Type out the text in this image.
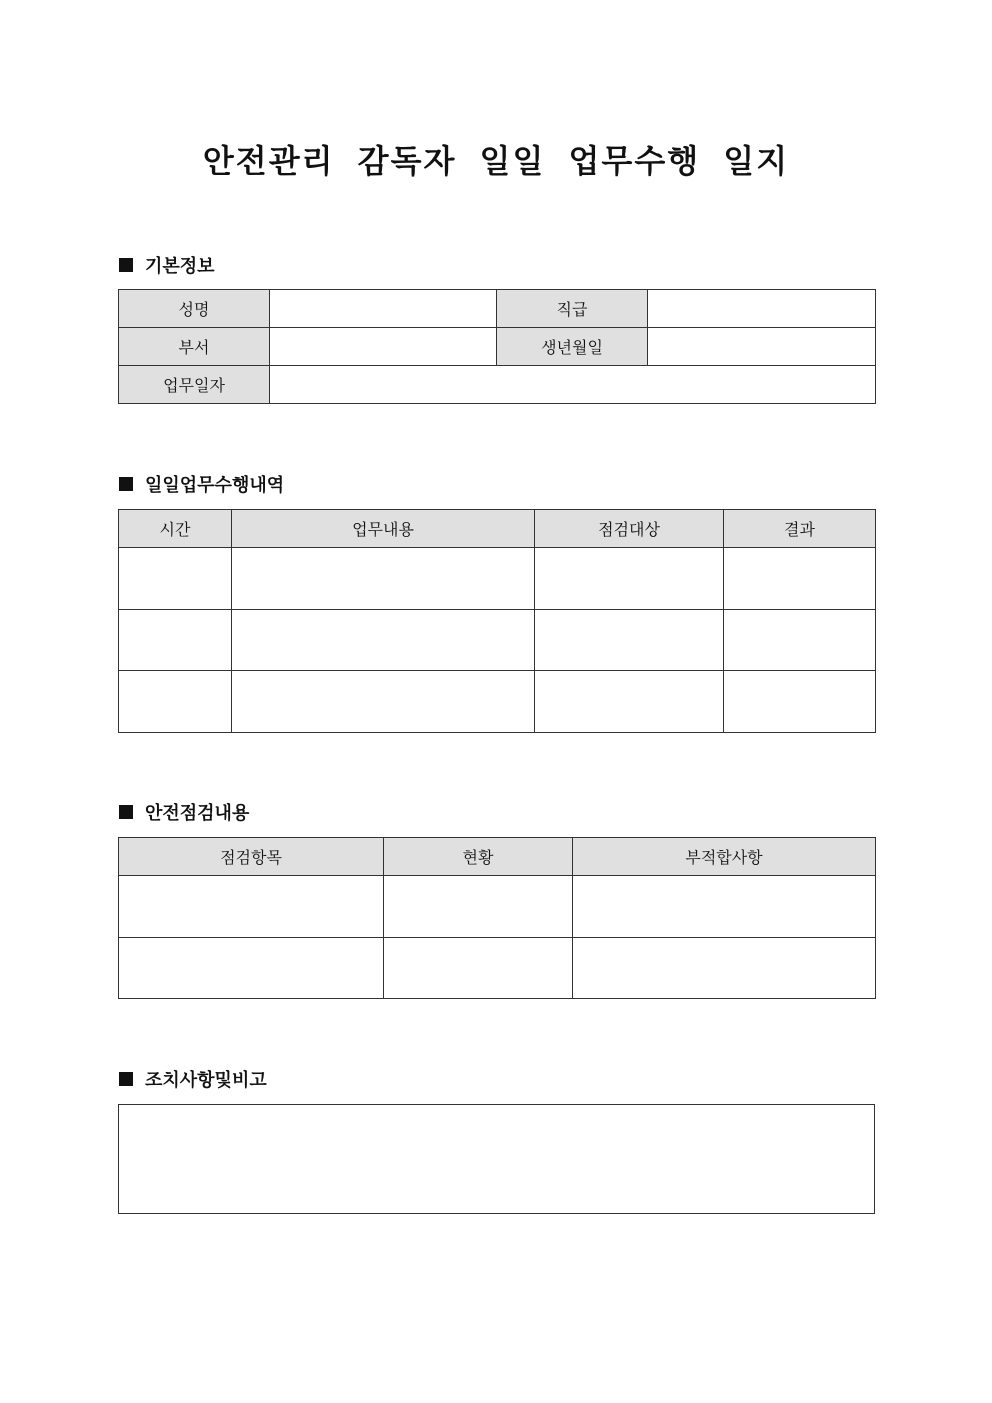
안전관리 감독자 일일 업무수행 일지
기본정보
성명		직급	
부서		생년월일	
업무일자			
일일업무수행내역
시간	업무내용	점검대상	결과

안전점검내용
점검항목	현황	부적합사항

조치사항및비고
